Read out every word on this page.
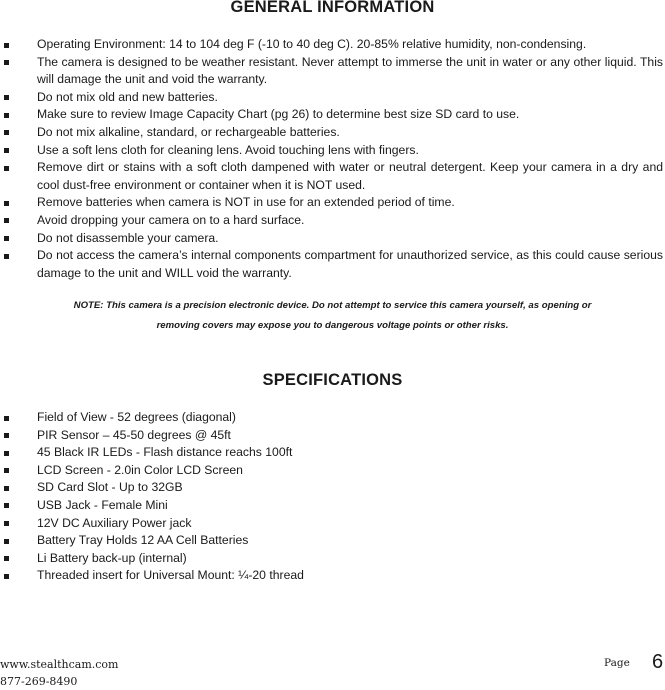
GENERAL INFORMATION
Operating Environment: 14 to 104 deg F (-10 to 40 deg C). 20-85% relative humidity, non-condensing.
The camera is designed to be weather resistant. Never attempt to immerse the unit in water or any other liquid. This will damage the unit and void the warranty.
Do not mix old and new batteries.
Make sure to review Image Capacity Chart (pg 26) to determine best size SD card to use.
Do not mix alkaline, standard, or rechargeable batteries.
Use a soft lens cloth for cleaning lens. Avoid touching lens with fingers.
Remove dirt or stains with a soft cloth dampened with water or neutral detergent. Keep your camera in a dry and cool dust-free environment or container when it is NOT used.
Remove batteries when camera is NOT in use for an extended period of time.
Avoid dropping your camera on to a hard surface.
Do not disassemble your camera.
Do not access the camera’s internal components compartment for unauthorized service, as this could cause serious damage to the unit and WILL void the warranty.
NOTE: This camera is a precision electronic device. Do not attempt to service this camera yourself, as opening or
removing covers may expose you to dangerous voltage points or other risks.
SPECIFICATIONS
Field of View - 52 degrees (diagonal)
PIR Sensor – 45-50 degrees @ 45ft
45 Black IR LEDs - Flash distance reachs 100ft
LCD Screen - 2.0in Color LCD Screen
SD Card Slot - Up to 32GB
USB Jack - Female Mini
12V DC Auxiliary Power jack
Battery Tray Holds 12 AA Cell Batteries
Li Battery back-up (internal)
Threaded insert for Universal Mount: ¼-20 thread
www.stealthcam.com
877-269-8490
Page 6
